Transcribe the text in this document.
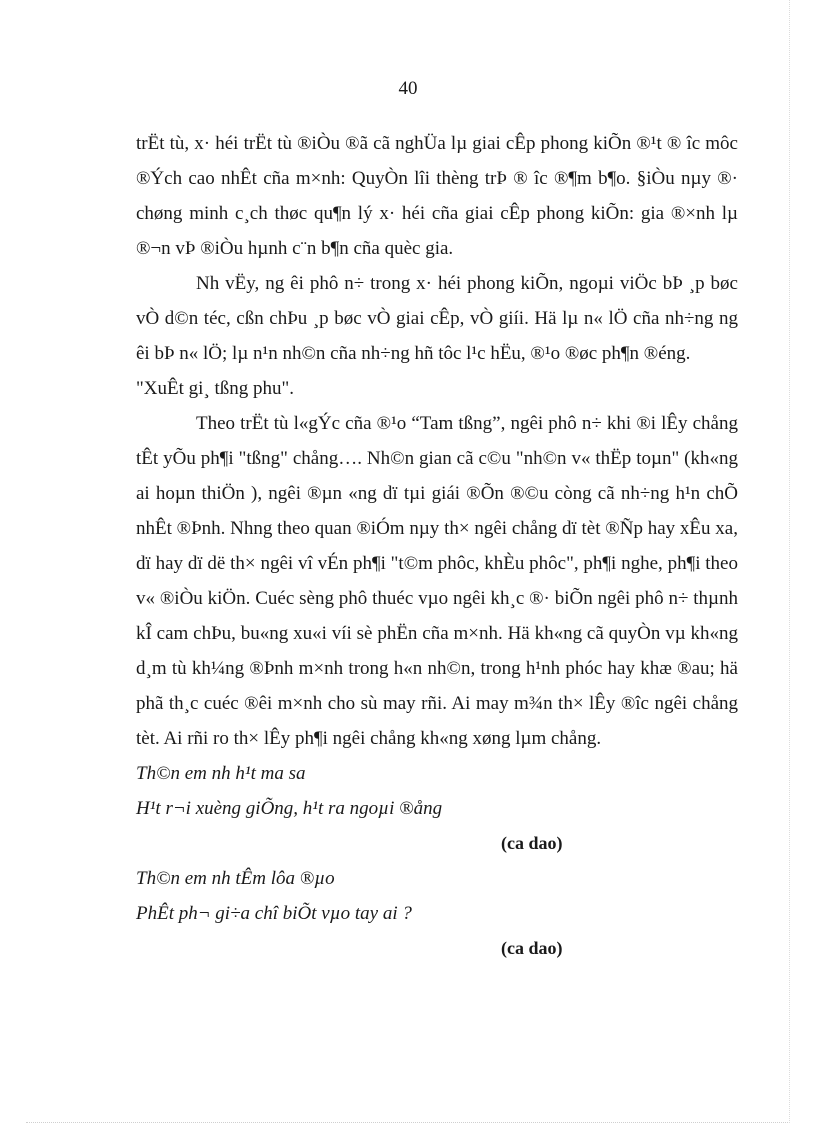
40

trËt tù, x· héi trËt tù ®iÒu ®ã cã nghÜa lµ giai cÊp phong kiÕn ®¹t ® îc môc ®Ých cao nhÊt cña m×nh: QuyÒn lîi thèng trÞ ® îc ®¶m b¶o. §iÒu nµy ®· chøng minh c¸ch thøc qu¶n lý x· héi cña giai cÊp phong kiÕn: gia ®×nh lµ ®¬n vÞ ®iÒu hµnh c¨n b¶n cña quèc gia.

Nh vËy, ng êi phô n÷ trong x· héi phong kiÕn, ngoµi viÖc bÞ ¸p bøc vÒ d©n téc, cßn chÞu ¸p bøc vÒ giai cÊp, vÒ giíi. Hä lµ n« lÖ cña nh÷ng ng êi bÞ n« lÖ; lµ n¹n nh©n cña nh÷ng hñ tôc l¹c hËu, ®¹o ®øc ph¶n ®éng.

"XuÊt gi¸ tßng phu".

Theo trËt tù l«gÝc cña ®¹o “Tam tßng”, ngêi phô n÷ khi ®i lÊy chång tÊt yÕu ph¶i "tßng" chång…. Nh©n gian cã c©u "nh©n v« thËp toµn" (kh«ng ai hoµn thiÖn ), ngêi ®µn «ng dï tµi giái ®Õn ®©u còng cã nh÷ng h¹n chÕ nhÊt ®Þnh. Nhng theo quan ®iÓm nµy th× ngêi chång dï tèt ®Ñp hay xÊu xa, dï hay dï dë th× ngêi vî vÉn ph¶i "t©m phôc, khÈu phôc", ph¶i nghe, ph¶i theo v« ®iÒu kiÖn. Cuéc sèng phô thuéc vµo ngêi kh¸c ®· biÕn ngêi phô n÷ thµnh kÎ cam chÞu, bu«ng xu«i víi sè phËn cña m×nh. Hä kh«ng cã quyÒn vµ kh«ng d¸m tù kh¼ng ®Þnh m×nh trong h«n nh©n, trong h¹nh phóc hay khæ ®au; hä phã th¸c cuéc ®êi m×nh cho sù may rñi. Ai may m¾n th× lÊy ®îc ngêi chång tèt. Ai rñi ro th× lÊy ph¶i ngêi chång kh«ng xøng lµm chång.

Th©n em nh h¹t ma sa

H¹t r¬i xuèng giÕng, h¹t ra ngoµi ®ång

(ca dao)

Th©n em nh tÊm lôa ®µo

PhÊt ph¬ gi÷a chî biÕt vµo tay ai ?

(ca dao)
